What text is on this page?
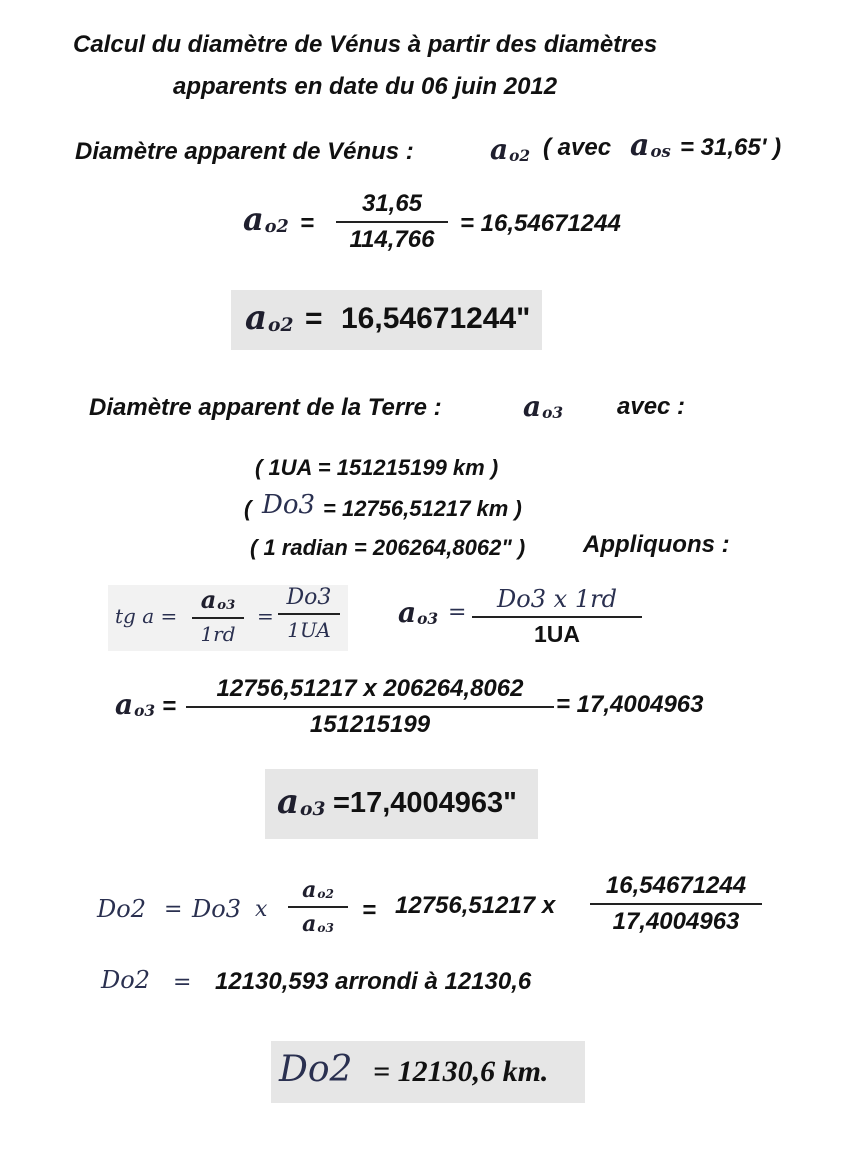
Calcul du diamètre de Vénus à partir des diamètres
apparents en date du 06 juin 2012
Diamètre apparent de Vénus :	ao2 ( avec aos = 31,65' )
ao2 =
31,65
114,766
= 16,54671244
ao2 = 16,54671244"
Diamètre apparent de la Terre :	ao3 avec :
( 1UA = 151215199 km )
( Do3 = 12756,51217 km )
( 1 radian = 206264,8062" ) Appliquons :
tg a =
ao3
1rd
=
Do3
1UA
ao3 =	Do3 x 1rd
1UA
ao3 =
12756,51217 x 206264,8062
151215199
= 17,4004963
ao3 =17,4004963"
Do2 = Do3 x
ao2
ao3
= 12756,51217 x
16,54671244
17,4004963
Do2 = 12130,593 arrondi à 12130,6
Do2 = 12130,6 km.
